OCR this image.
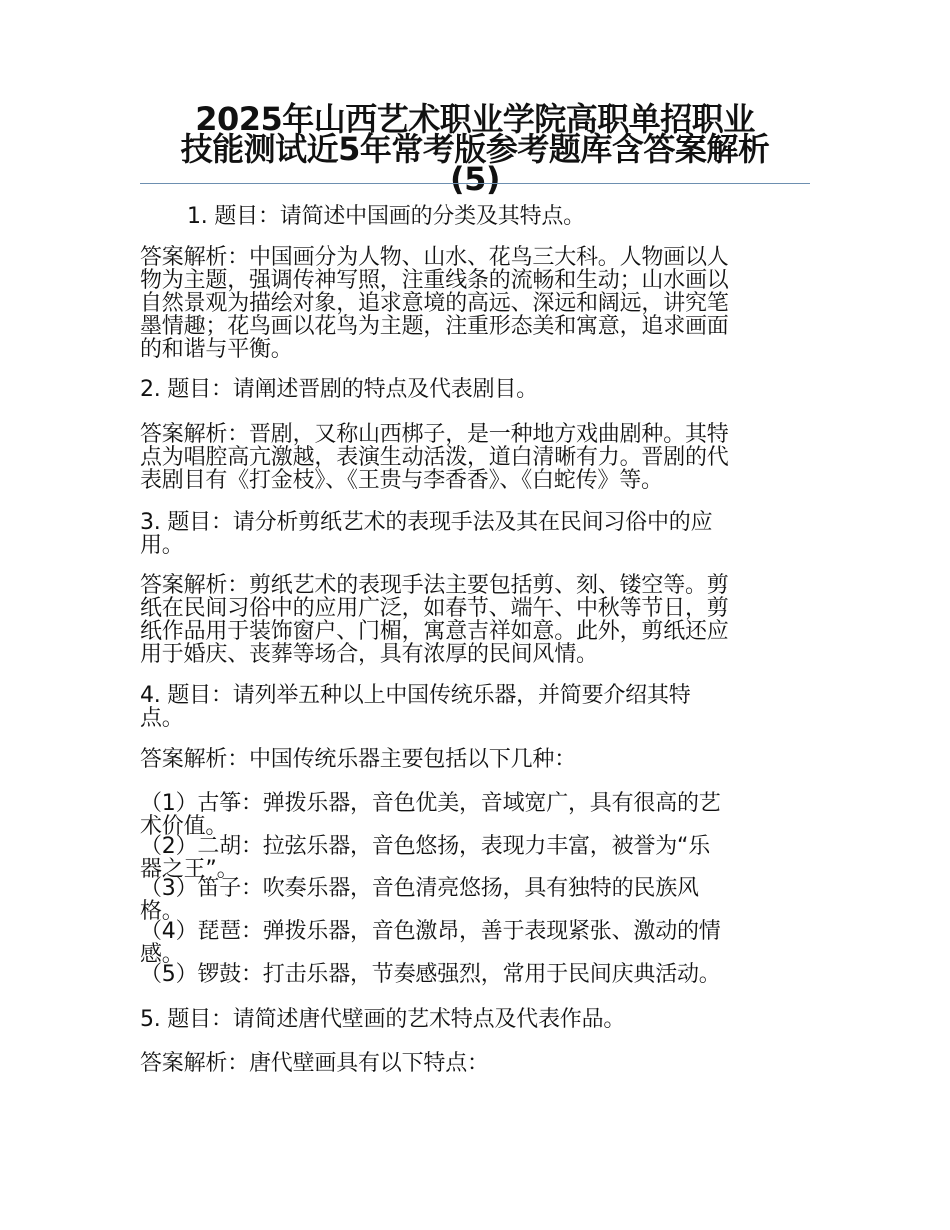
2025年山西艺术职业学院高职单招职业
技能测试近5年常考版参考题库含答案解析
(5)
1. 题目：请简述中国画的分类及其特点。
答案解析：中国画分为人物、山水、花鸟三大科。人物画以人
物为主题，强调传神写照，注重线条的流畅和生动；山水画以
自然景观为描绘对象，追求意境的高远、深远和阔远，讲究笔
墨情趣；花鸟画以花鸟为主题，注重形态美和寓意，追求画面
的和谐与平衡。
2. 题目：请阐述晋剧的特点及代表剧目。
答案解析：晋剧，又称山西梆子，是一种地方戏曲剧种。其特
点为唱腔高亢激越，表演生动活泼，道白清晰有力。晋剧的代
表剧目有《打金枝》、《王贵与李香香》、《白蛇传》等。
3. 题目：请分析剪纸艺术的表现手法及其在民间习俗中的应
用。
答案解析：剪纸艺术的表现手法主要包括剪、刻、镂空等。剪
纸在民间习俗中的应用广泛，如春节、端午、中秋等节日，剪
纸作品用于装饰窗户、门楣，寓意吉祥如意。此外，剪纸还应
用于婚庆、丧葬等场合，具有浓厚的民间风情。
4. 题目：请列举五种以上中国传统乐器，并简要介绍其特
点。
答案解析：中国传统乐器主要包括以下几种：
（1）古筝：弹拨乐器，音色优美，音域宽广，具有很高的艺
术价值。
（2）二胡：拉弦乐器，音色悠扬，表现力丰富，被誉为“乐
器之王”。
（3）笛子：吹奏乐器，音色清亮悠扬，具有独特的民族风
格。
（4）琵琶：弹拨乐器，音色激昂，善于表现紧张、激动的情
感。
（5）锣鼓：打击乐器，节奏感强烈，常用于民间庆典活动。
5. 题目：请简述唐代壁画的艺术特点及代表作品。
答案解析：唐代壁画具有以下特点：
